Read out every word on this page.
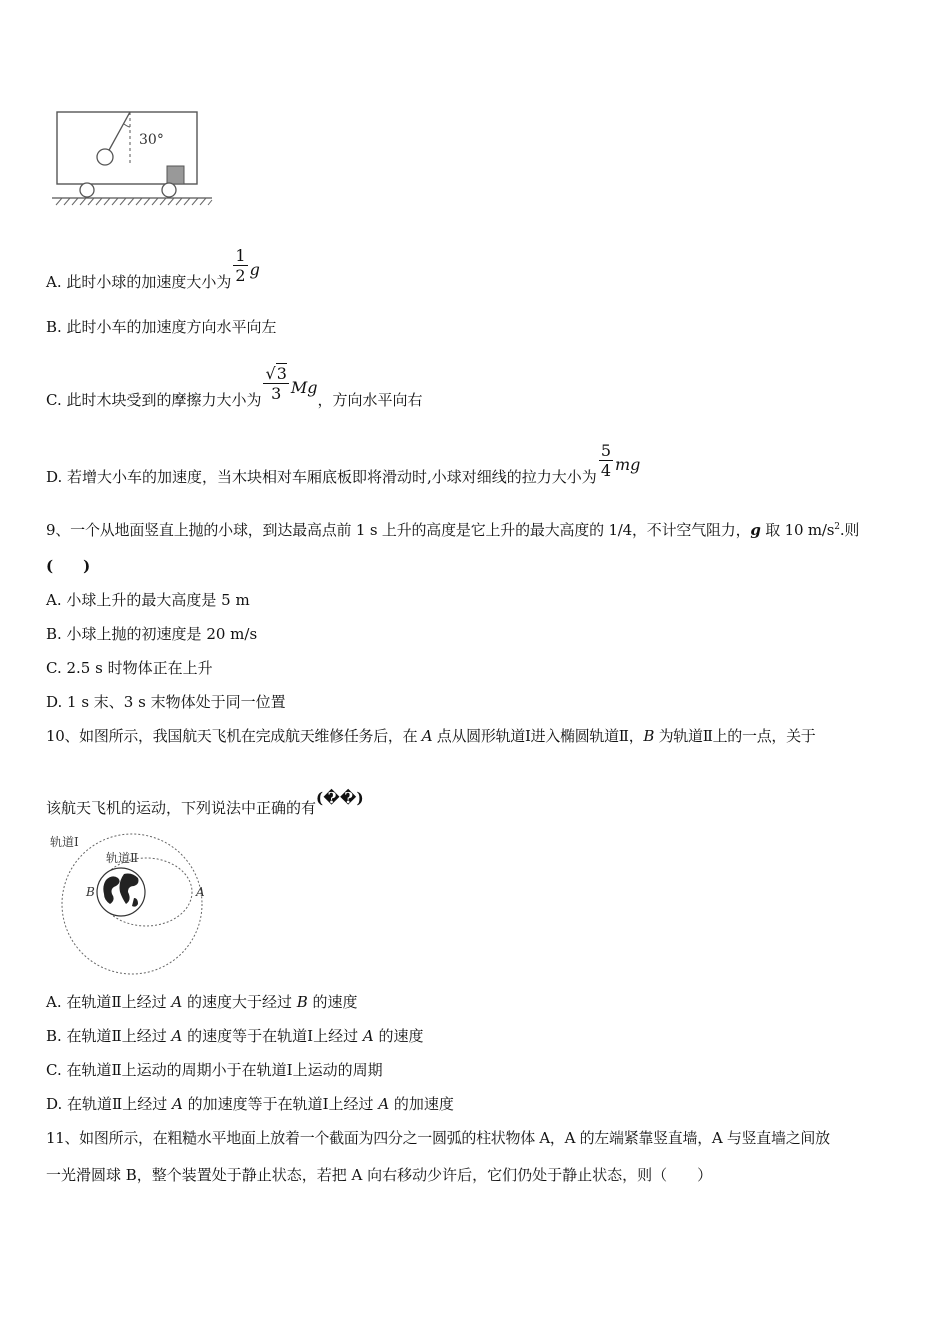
30°
A. 此时小球的加速度大小为 $\frac{1}{2}$ g
B. 此时小车的加速度方向水平向左
C. 此时木块受到的摩擦力大小为 $\frac{√3}{3}$ Mg，方向水平向右
D. 若增大小车的加速度，当木块相对车厢底板即将滑动时,小球对细线的拉力大小为 $\frac{5}{4}$ mg
9、一个从地面竖直上抛的小球，到达最高点前 1 s 上升的高度是它上升的最大高度的 1/4，不计空气阻力，g 取 10 $m/s^2$.则
(　　)
A. 小球上升的最大高度是 5 m
B. 小球上抛的初速度是 20 m/s
C. 2.5 s 时物体正在上升
D. 1 s 末、3 s 末物体处于同一位置
10、如图所示，我国航天飞机在完成航天维修任务后，在 A 点从圆形轨道Ⅰ进入椭圆轨道Ⅱ，B 为轨道Ⅱ上的一点，关于
该航天飞机的运动，下列说法中正确的有(��)
轨道Ⅰ
轨道Ⅱ
B	A
A. 在轨道Ⅱ上经过 A 的速度大于经过 B 的速度
B. 在轨道Ⅱ上经过 A 的速度等于在轨道Ⅰ上经过 A 的速度
C. 在轨道Ⅱ上运动的周期小于在轨道Ⅰ上运动的周期
D. 在轨道Ⅱ上经过 A 的加速度等于在轨道Ⅰ上经过 A 的加速度
11、如图所示，在粗糙水平地面上放着一个截面为四分之一圆弧的柱状物体 A，A 的左端紧靠竖直墙，A 与竖直墙之间放
一光滑圆球 B，整个装置处于静止状态，若把 A 向右移动少许后，它们仍处于静止状态，则（　　）
